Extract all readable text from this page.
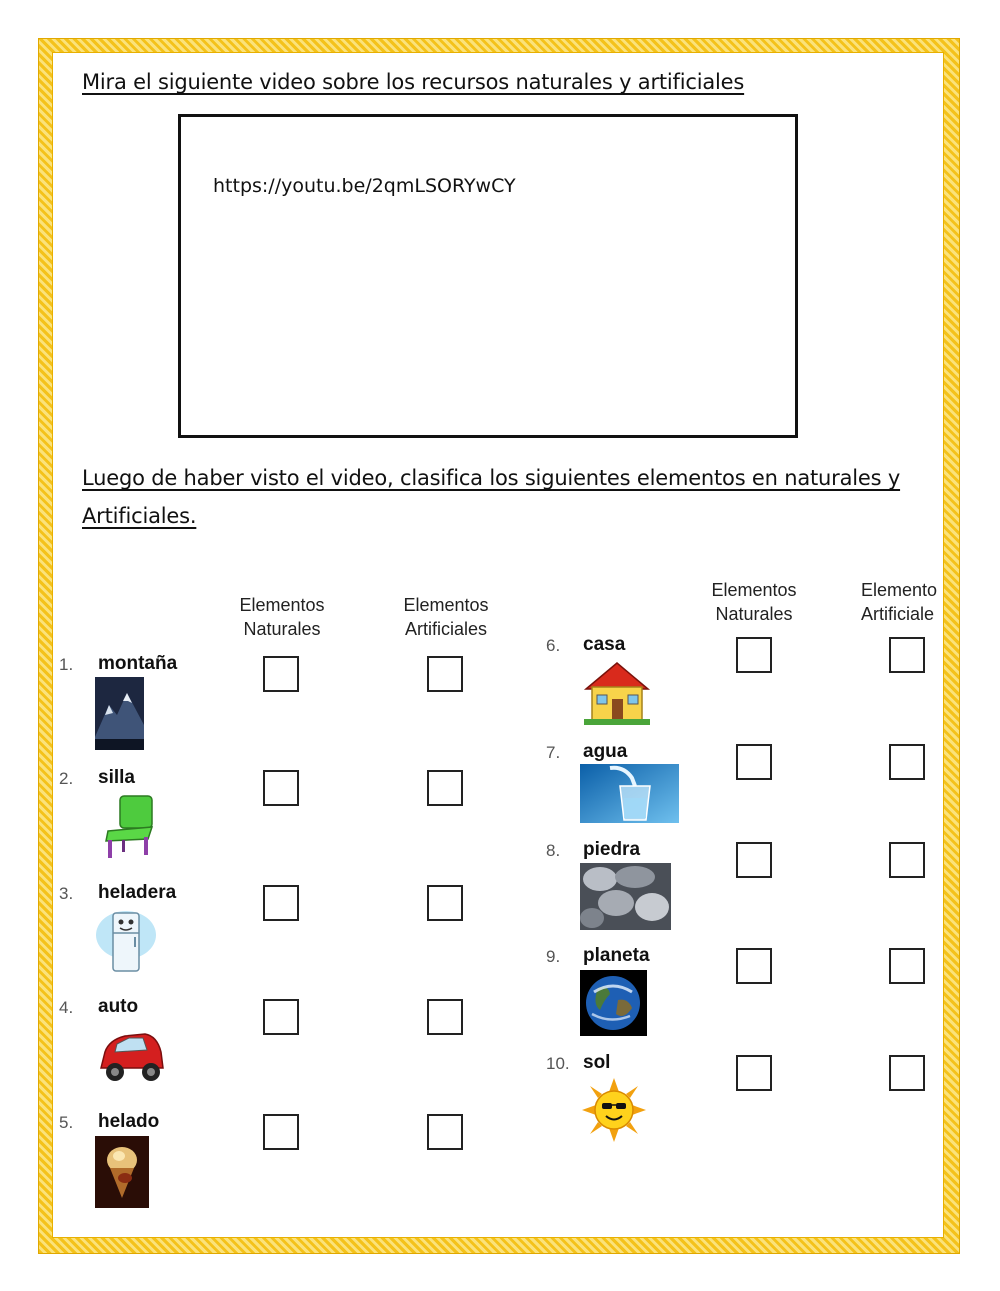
Mira el siguiente video sobre los recursos naturales y artificiales
https://youtu.be/2qmLSORYwCY
Luego de haber visto el video, clasifica los siguientes elementos en naturales y
Artificiales.
Elementos
Naturales
Elementos
Artificiales
Elementos
Naturales
Elemento
Artificiale
1. montaña
2. silla
3. heladera
4. auto
5. helado
6. casa
7. agua
8. piedra
9. planeta
10. sol
